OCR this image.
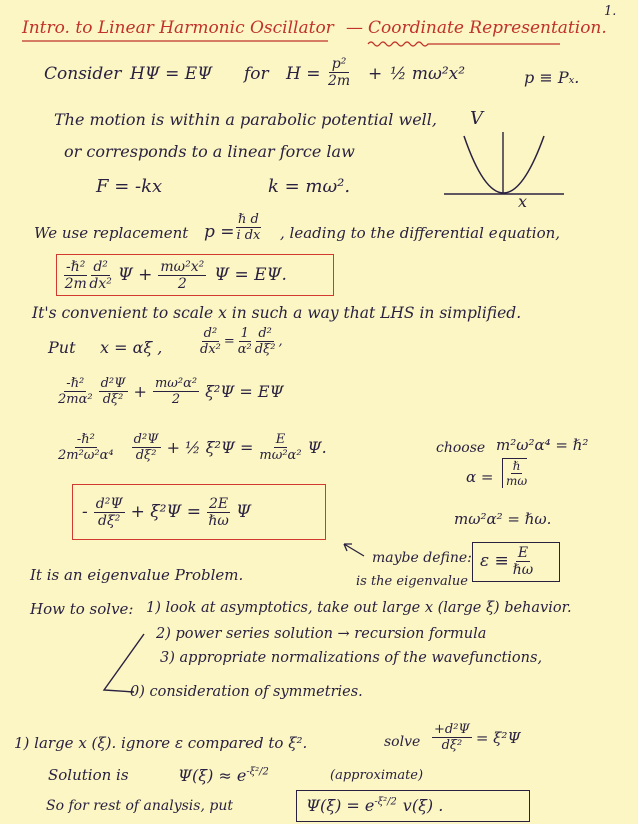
1.
Intro. to Linear Harmonic Oscillator — Coordinate Representation.
Consider HΨ = EΨ for H = p²
2m + ½ mω²x²	p ≡ Pₓ.
The motion is within a parabolic potential well,
or corresponds to a linear force law
F = -kx	k = mω².
V
x
We use replacement p =
ℏ d
i dx , leading to the differential equation,
-ℏ²
2m
d²
dx² $\Psi + \frac{\text{mω²x²}}{2}$ Ψ = EΨ.
It's convenient to scale x in such a way that LHS in simplified.
Put x = αξ ,	$\frac{\text{d²}}{\text{dx²}} = \frac{1}{\text{α²}} d^2$
dξ²
,
-ℏ²
2mα²
d²Ψ
$d\xi^2 + \frac{\text{mω²α²}}{2} \xi^2\Psi = E\Psi$
-ℏ²
2m²ω²α⁴
d²Ψ
dξ² + ½ $\xi^2\Psi = \frac{E}{\text{mω²α²}} \Psi$.	choose m²ω²α⁴ = ℏ²
α =
ℏ
mω
mω²α² = ℏω.
- d²Ψ
dξ² + ξ²Ψ = 2E
ℏω Ψ
maybe define: ε ≡ E
ℏω
is the eigenvalue
It is an eigenvalue Problem.
How to solve: 1) look at asymptotics, take out large x (large ξ) behavior.
2) power series solution → recursion formula
3) appropriate normalizations of the wavefunctions,
0) consideration of symmetries.
1) large x (ξ). ignore ε compared to ξ².	solve $\frac{\text{+d²Ψ}}{\text{dξ²}} = \xi^2\Psi$
Solution is	$\Psi(\xi) \approx e^{-\xi^2/2}$	(approximate)
So for rest of analysis, put	$\Psi(\xi) = e^{-\xi^2/2}$ v(ξ) .
